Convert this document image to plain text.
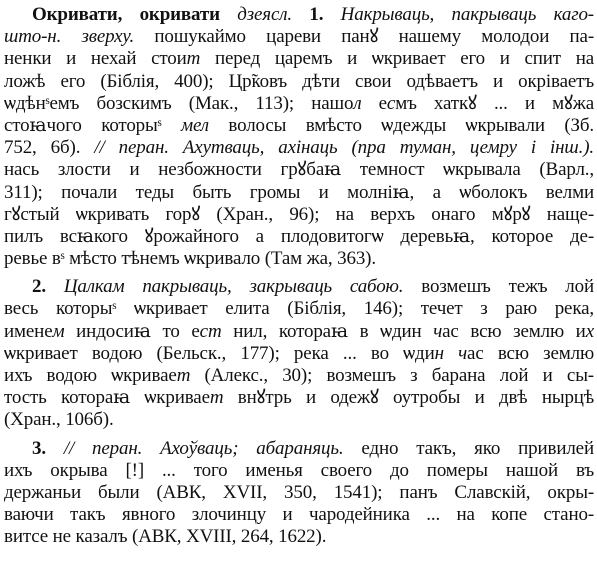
Окривати, окривати дзеясл. 1. Накрываць, пакрываць каго-
што-н. зверху. пошукаймо цареви панꙋ нашему молодои па-
ненки и нехай стоит перед царемъ и ѡкривает его и спит на
ложѣ его (Біблія, 400); Цр̃ковъ дѣти свои одѣваетъ и окріваетъ
ѡдѣнˢемъ бозскимъ (Мак., 113); нашол есмъ хаткꙋ ... и мꙋжа
стоꙗчого которыˢ мел волосы вмѣсто ѡдежды ѡкрывали (Зб.
752, 6б). // перан. Ахутваць, ахінаць (пра туман, цемру і інш.).
нась злости и незбожности грꙋбаꙗ темност ѡкрывала (Варл.,
311); почали теды быть громы и молніꙗ, а ѡболокъ велми
гꙋстый ѡкривать горꙋ (Хран., 96); на верхъ онаго мꙋрꙋ наще-
пилъ всꙗкого ꙋрожайного а плодовитогѡ деревьꙗ, которое де-
ревье вˢ мѣсто тѣнемъ ѡкривало (Там жа, 363).
2. Цалкам пакрываць, закрываць сабою. возмешъ тежъ лой
весь которыˢ ѡкривает елита (Біблія, 146); течет з раю река,
именем индосиꙗ то ест нил, котораꙗ в ѡдин час всю землю их
ѡкривает водою (Бельск., 177); река ... во ѡдин час всю землю
ихъ водою ѡкривает (Алекс., 30); возмешъ з барана лой и сы-
тость котораꙗ ѡкривает внꙋтрь и одежꙋ оутробы и двѣ нырцѣ
(Хран., 106б).
3. // перан. Ахоўваць; абараняць. едно такъ, яко привилей
ихъ окрыва [!] ... того именья своего до померы нашой въ
держаньи были (АВК, XVII, 350, 1541); панъ Славскій, окры-
ваючи такъ явного злочинцу и чародейника ... на копе стано-
витсе не казалъ (АВК, XVIII, 264, 1622).
